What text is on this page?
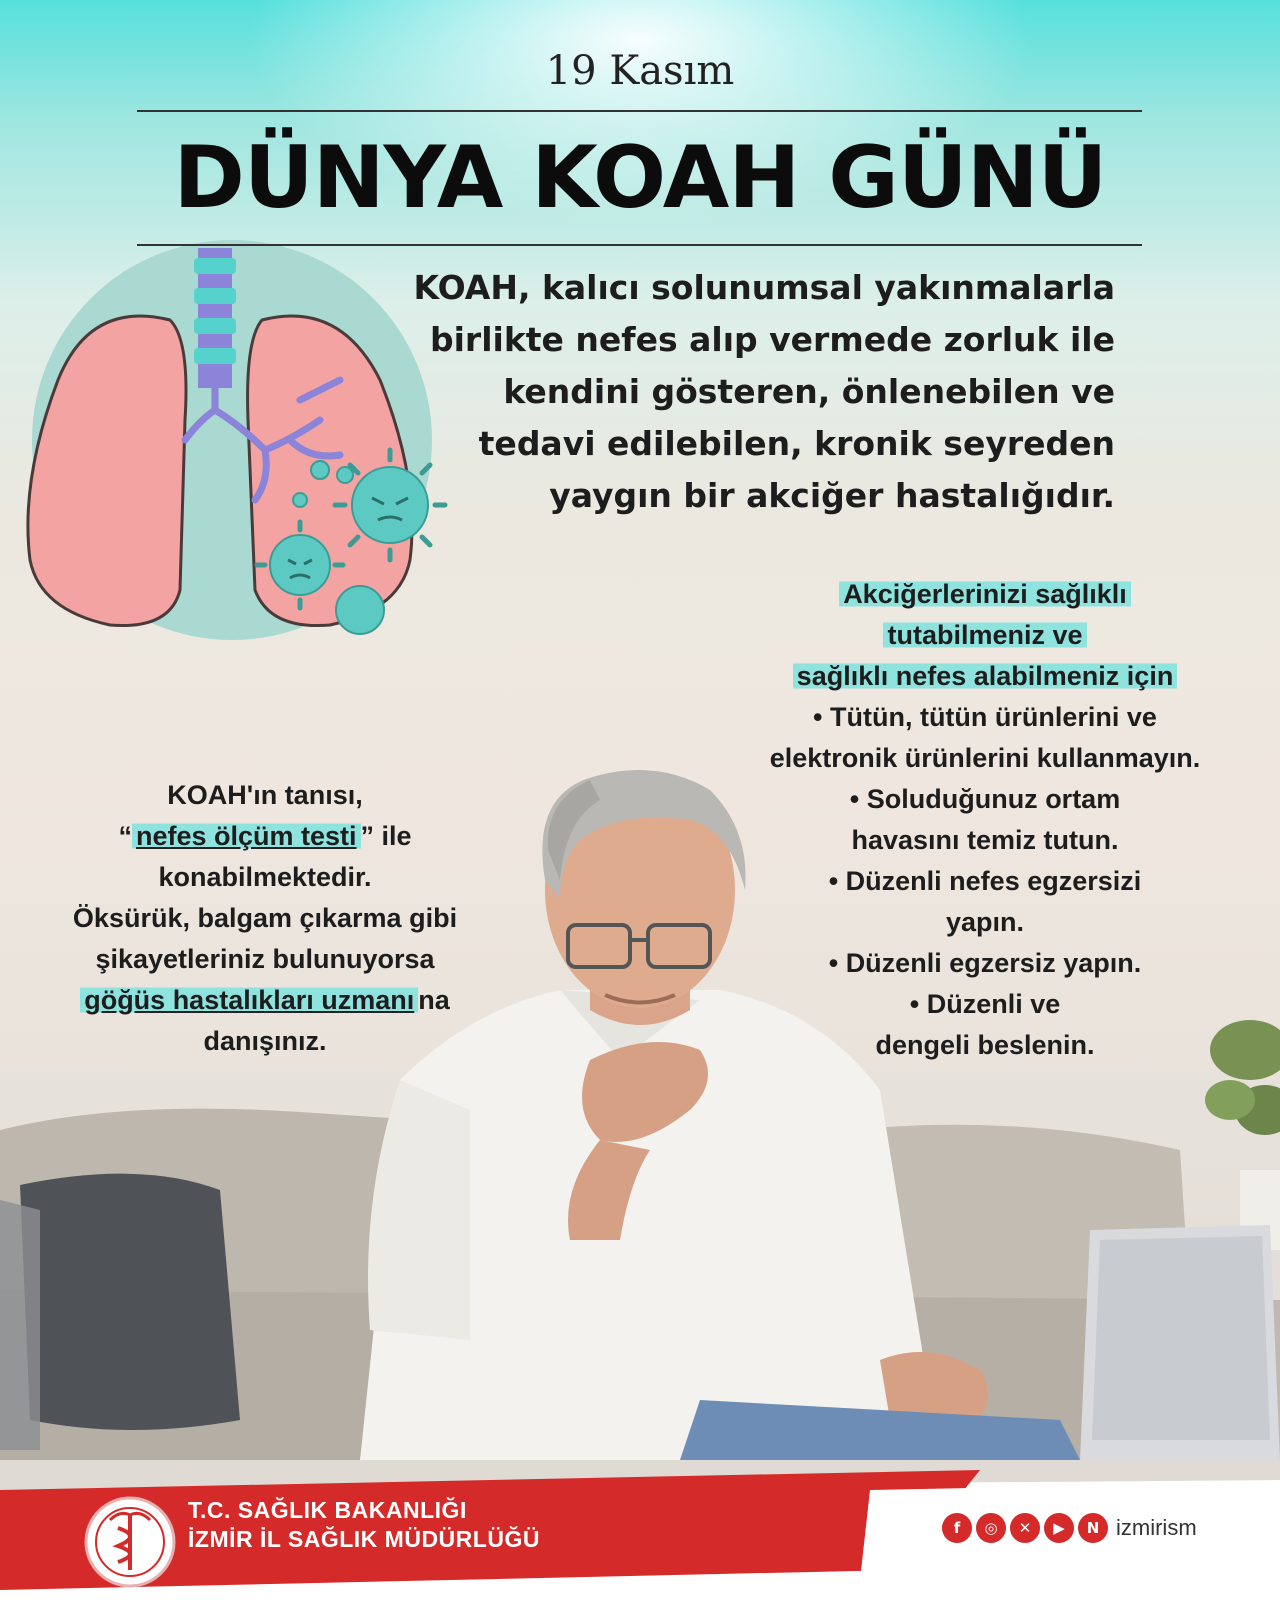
19 Kasım
DÜNYA KOAH GÜNÜ
KOAH, kalıcı solunumsal yakınmalarla
birlikte nefes alıp vermede zorluk ile
kendini gösteren, önlenebilen ve
tedavi edilebilen, kronik seyreden
yaygın bir akciğer hastalığıdır.
Akciğerlerinizi sağlıklı
tutabilmeniz ve
sağlıklı nefes alabilmeniz için
• Tütün, tütün ürünlerini ve
elektronik ürünlerini kullanmayın.
• Soluduğunuz ortam
havasını temiz tutun.
• Düzenli nefes egzersizi
yapın.
• Düzenli egzersiz yapın.
• Düzenli ve
dengeli beslenin.
KOAH'ın tanısı,
“ nefes ölçüm testi ” ile
konabilmektedir.
Öksürük, balgam çıkarma gibi
şikayetleriniz bulunuyorsa
göğüs hastalıkları uzmanı na
danışınız.
T.C. SAĞLIK BAKANLIĞI
İZMİR İL SAĞLIK MÜDÜRLÜĞÜ	f	◎	✕	▶	N izmirism
